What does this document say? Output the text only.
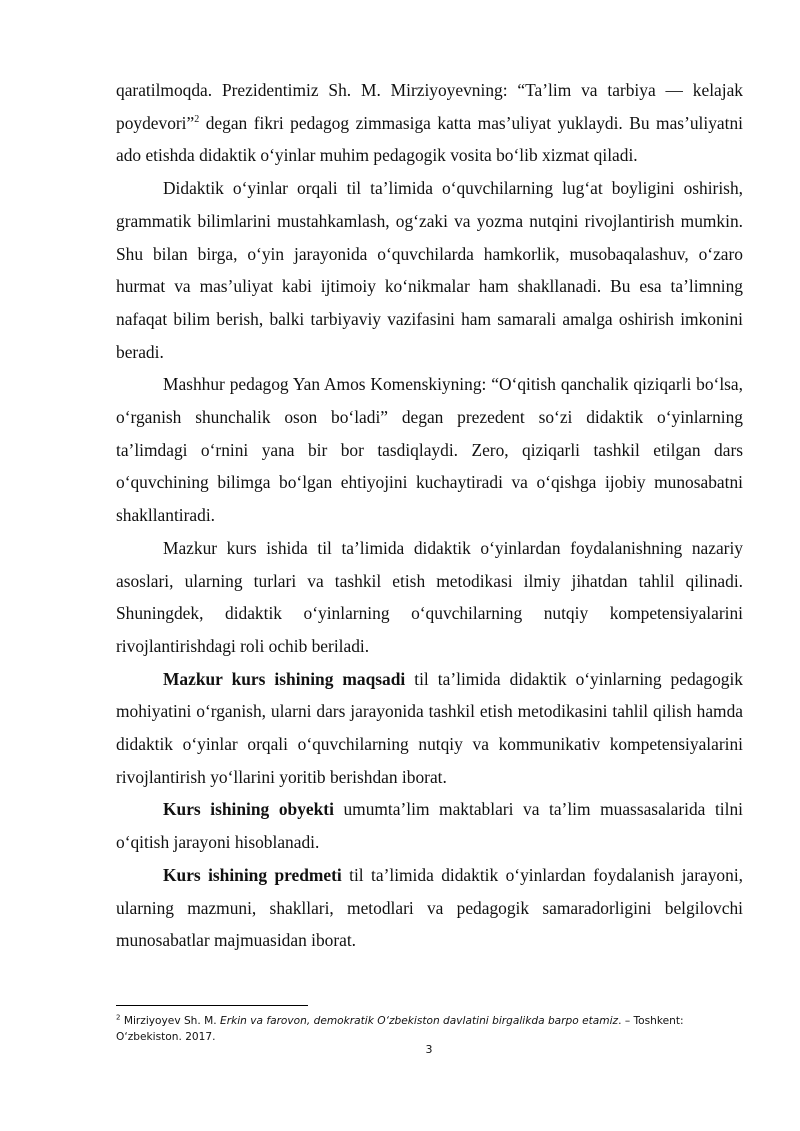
qaratilmoqda. Prezidentimiz Sh. M. Mirziyoyevning: “Ta’lim va tarbiya — kelajak poydevori”$^2$ degan fikri pedagog zimmasiga katta mas’uliyat yuklaydi. Bu mas’uliyatni ado etishda didaktik o‘yinlar muhim pedagogik vosita bo‘lib xizmat qiladi.

Didaktik o‘yinlar orqali til ta’limida o‘quvchilarning lug‘at boyligini oshirish, grammatik bilimlarini mustahkamlash, og‘zaki va yozma nutqini rivojlantirish mumkin. Shu bilan birga, o‘yin jarayonida o‘quvchilarda hamkorlik, musobaqalashuv, o‘zaro hurmat va mas’uliyat kabi ijtimoiy ko‘nikmalar ham shakllanadi. Bu esa ta’limning nafaqat bilim berish, balki tarbiyaviy vazifasini ham samarali amalga oshirish imkonini beradi.

Mashhur pedagog Yan Amos Komenskiyning: “O‘qitish qanchalik qiziqarli bo‘lsa, o‘rganish shunchalik oson bo‘ladi” degan prezedent so‘zi didaktik o‘yinlarning ta’limdagi o‘rnini yana bir bor tasdiqlaydi. Zero, qiziqarli tashkil etilgan dars o‘quvchining bilimga bo‘lgan ehtiyojini kuchaytiradi va o‘qishga ijobiy munosabatni shakllantiradi.

Mazkur kurs ishida til ta’limida didaktik o‘yinlardan foydalanishning nazariy asoslari, ularning turlari va tashkil etish metodikasi ilmiy jihatdan tahlil qilinadi. Shuningdek, didaktik o‘yinlarning o‘quvchilarning nutqiy kompetensiyalarini rivojlantirishdagi roli ochib beriladi.

Mazkur kurs ishining maqsadi til ta’limida didaktik o‘yinlarning pedagogik mohiyatini o‘rganish, ularni dars jarayonida tashkil etish metodikasini tahlil qilish hamda didaktik o‘yinlar orqali o‘quvchilarning nutqiy va kommunikativ kompetensiyalarini rivojlantirish yo‘llarini yoritib berishdan iborat.

Kurs ishining obyekti umumta’lim maktablari va ta’lim muassasalarida tilni o‘qitish jarayoni hisoblanadi.

Kurs ishining predmeti til ta’limida didaktik o‘yinlardan foydalanish jarayoni, ularning mazmuni, shakllari, metodlari va pedagogik samaradorligini belgilovchi munosabatlar majmuasidan iborat.

$^2$ Mirziyoyev Sh. M. Erkin va farovon, demokratik O‘zbekiston davlatini birgalikda barpo etamiz. – Toshkent: O‘zbekiston. 2017.
3
